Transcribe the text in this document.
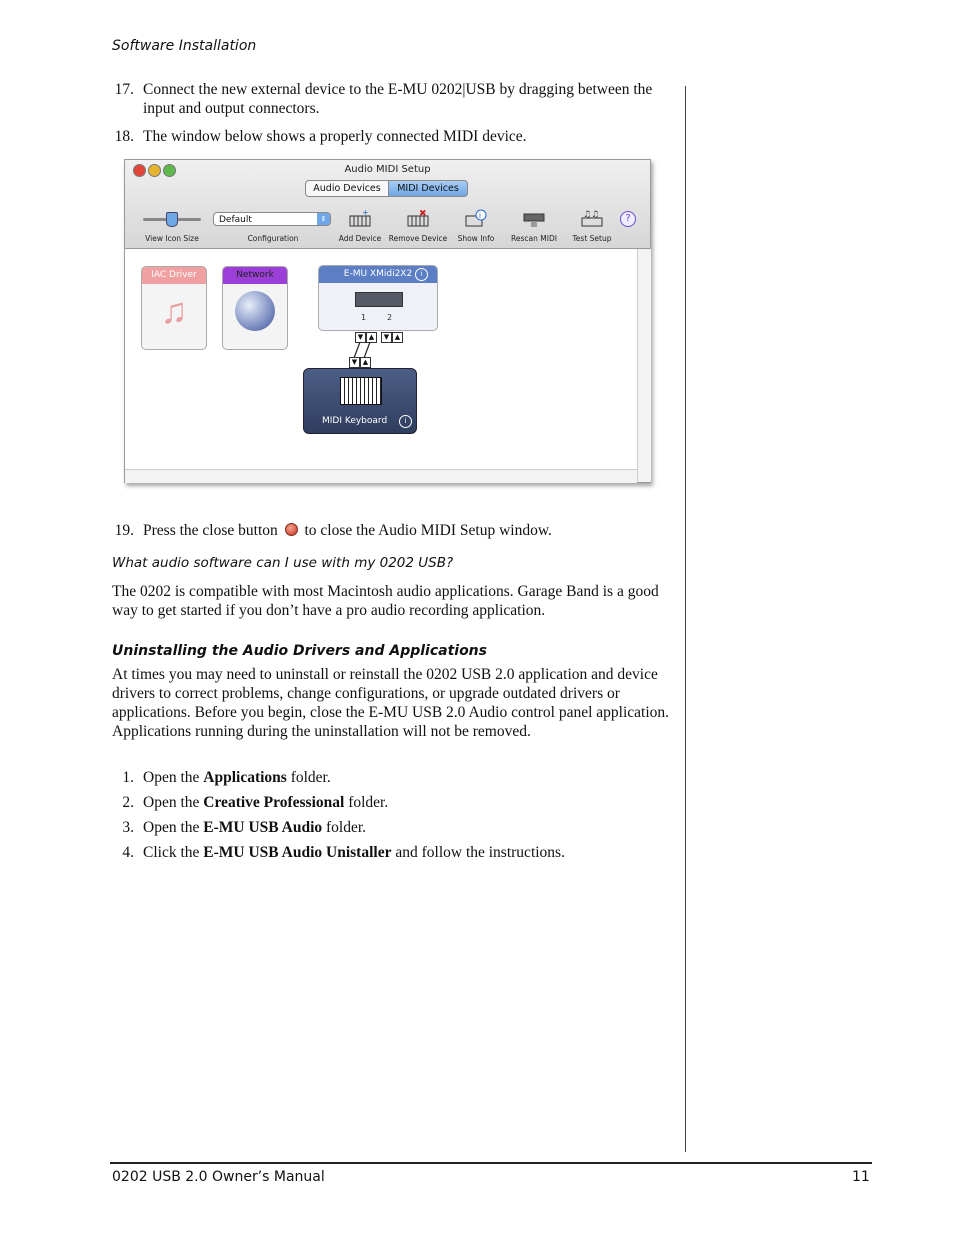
Software Installation
17. Connect the new external device to the E-MU 0202|USB by dragging between the input and output connectors.
18. The window below shows a properly connected MIDI device.
Audio MIDI Setup
Audio Devices	MIDI Devices
View Icon Size
Default	⇕
Configuration
+
Add Device
✖
Remove Device
i
Show Info	Rescan MIDI
♫♫
Test Setup
?
IAC Driver
♫
Network	E-MU XMidi2X2	i
1	2
▼ ▲	▼ ▲
▼ ▲
MIDI Keyboard	i
19. Press the close button to close the Audio MIDI Setup window.
What audio software can I use with my 0202 USB?
The 0202 is compatible with most Macintosh audio applications. Garage Band is a good way to get started if you don’t have a pro audio recording application.
Uninstalling the Audio Drivers and Applications
At times you may need to uninstall or reinstall the 0202 USB 2.0 application and device drivers to correct problems, change configurations, or upgrade outdated drivers or applications. Before you begin, close the E-MU USB 2.0 Audio control panel application. Applications running during the uninstallation will not be removed.
1. Open the Applications folder.
2. Open the Creative Professional folder.
3. Open the E-MU USB Audio folder.
4. Click the E-MU USB Audio Unistaller and follow the instructions.
0202 USB 2.0 Owner’s Manual	11
